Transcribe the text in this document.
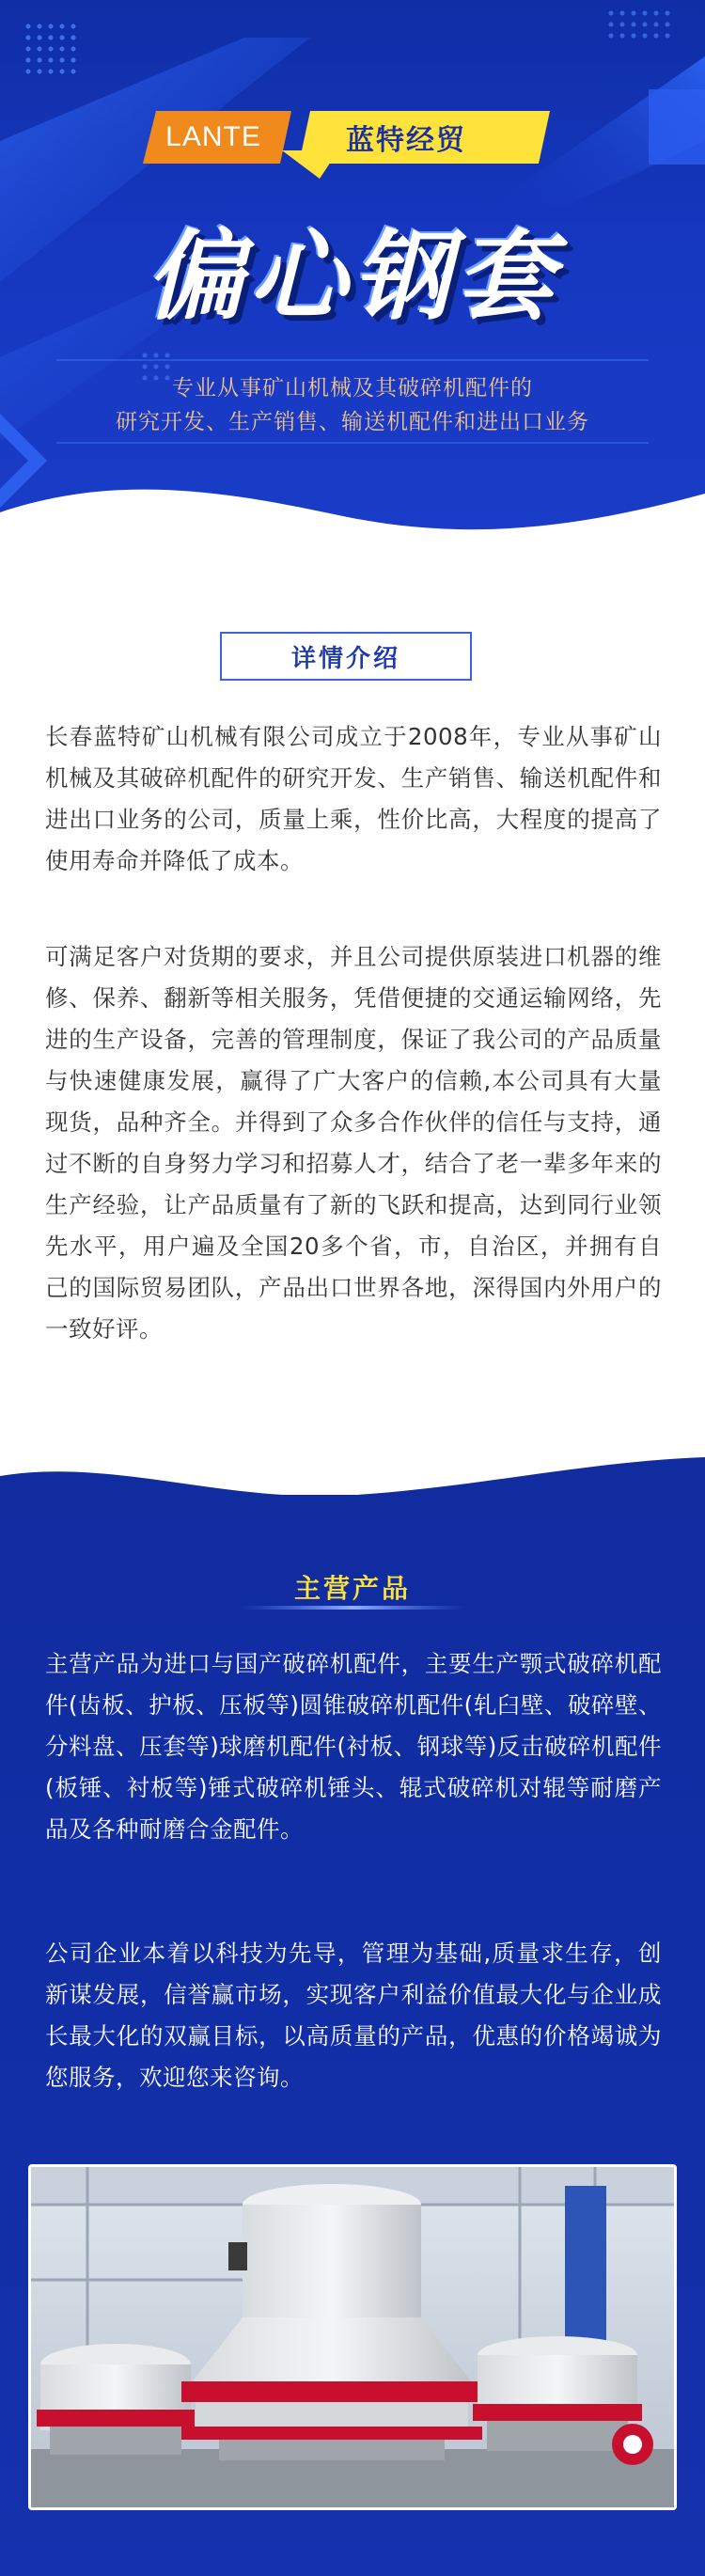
LANTE	蓝特经贸
偏心钢套
专业从事矿山机械及其破碎机配件的
研究开发、生产销售、输送机配件和进出口业务
详情介绍
长春蓝特矿山机械有限公司成立于2008年，专业从事矿山机械及其破碎机配件的研究开发、生产销售、输送机配件和进出口业务的公司，质量上乘，性价比高，大程度的提高了使用寿命并降低了成本。
可满足客户对货期的要求，并且公司提供原装进口机器的维修、保养、翻新等相关服务，凭借便捷的交通运输网络，先进的生产设备，完善的管理制度，保证了我公司的产品质量与快速健康发展，赢得了广大客户的信赖,本公司具有大量现货，品种齐全。并得到了众多合作伙伴的信任与支持，通过不断的自身努力学习和招募人才，结合了老一辈多年来的生产经验，让产品质量有了新的飞跃和提高，达到同行业领先水平，用户遍及全国20多个省，市，自治区，并拥有自己的国际贸易团队，产品出口世界各地，深得国内外用户的一致好评。
主营产品
主营产品为进口与国产破碎机配件，主要生产颚式破碎机配件(齿板、护板、压板等)圆锥破碎机配件(轧臼壁、破碎壁、分料盘、压套等)球磨机配件(衬板、钢球等)反击破碎机配件(板锤、衬板等)锤式破碎机锤头、辊式破碎机对辊等耐磨产品及各种耐磨合金配件。
公司企业本着以科技为先导，管理为基础,质量求生存，创新谋发展，信誉赢市场，实现客户利益价值最大化与企业成长最大化的双赢目标，以高质量的产品，优惠的价格竭诚为您服务，欢迎您来咨询。
